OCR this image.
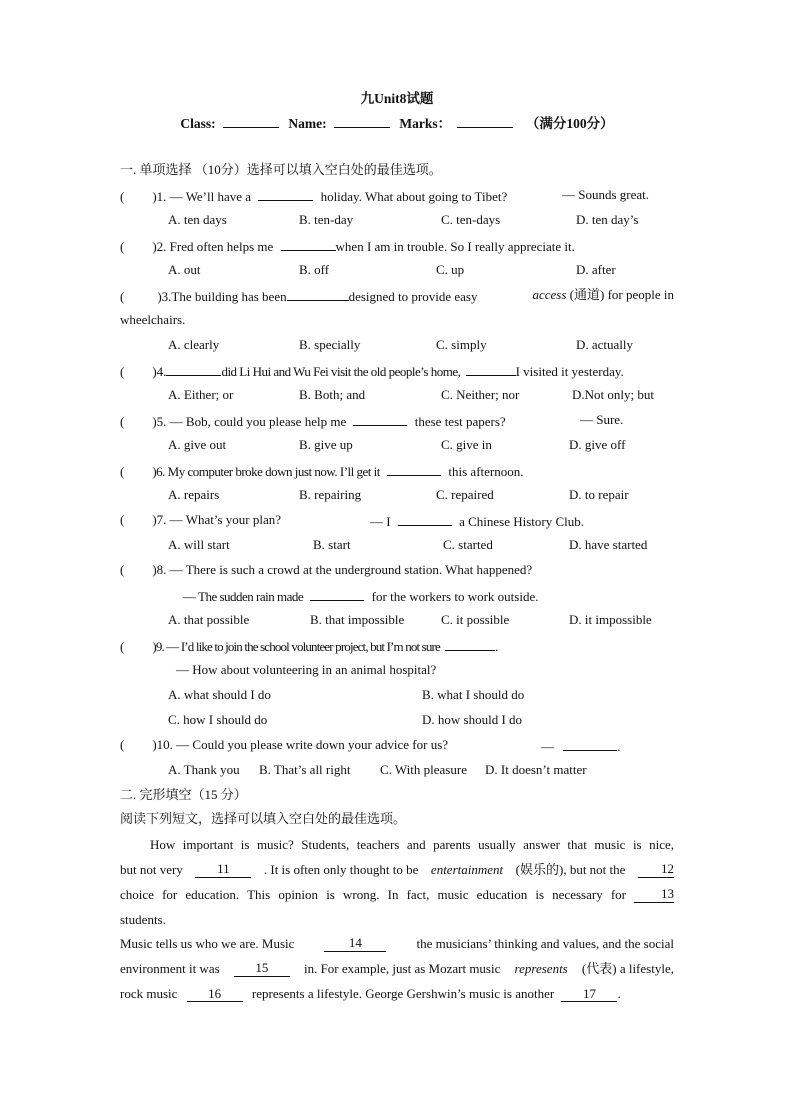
九Unit8试题
Class:	Name:	Marks：	（满分100分）
一. 单项选择 （10分）选择可以填入空白处的最佳选项。
( )1. — We’ll have a	holiday. What about going to Tibet?	— Sounds great.
A. ten days	B. ten-day	C. ten-days	D. ten day’s
( )2. Fred often helps me	when I am in trouble. So I really appreciate it.
A. out	B. off	C. up	D. after
(	)3.The building has been	designed to provide easy	access (通道) for people in
wheelchairs.
A. clearly	B. specially	C. simply	D. actually
( )4.	did Li Hui and Wu Fei visit the old people’s home,	I visited it yesterday.
A. Either; or	B. Both; and	C. Neither; nor	D.Not only; but
( )5. — Bob, could you please help me	these test papers?	— Sure.
A. give out	B. give up	C. give in	D. give off
( )6. My computer broke down just now. I’ll get it	this afternoon.
A. repairs	B. repairing	C. repaired	D. to repair
( )7. — What’s your plan?	— I	a Chinese History Club.
A. will start	B. start	C. started	D. have started
( )8. — There is such a crowd at the underground station. What happened?
— The sudden rain made	for the workers to work outside.
A. that possible	B. that impossible	C. it possible	D. it impossible
( )9. — I’d like to join the school volunteer project, but I’m not sure	.
— How about volunteering in an animal hospital?
A. what should I do	B. what I should do
C. how I should do	D. how should I do
( )10. — Could you please write down your advice for us?	—	.
A. Thank you B. That’s all right C. With pleasure D. It doesn’t matter
二. 完形填空（15 分）
阅读下列短文，选择可以填入空白处的最佳选项。
How important is music? Students, teachers and parents usually answer that music is nice,
but not very	11	. It is often only thought to be entertainment (娱乐的), but not the	12
choice for education. This opinion is wrong. In fact, music education is necessary for	13
students.
Music tells us who we are. Music	14	the musicians’ thinking and values, and the social
environment it was	15	in. For example, just as Mozart music represents (代表) a lifestyle,
rock music 16 represents a lifestyle. George Gershwin’s music is another 17 .
